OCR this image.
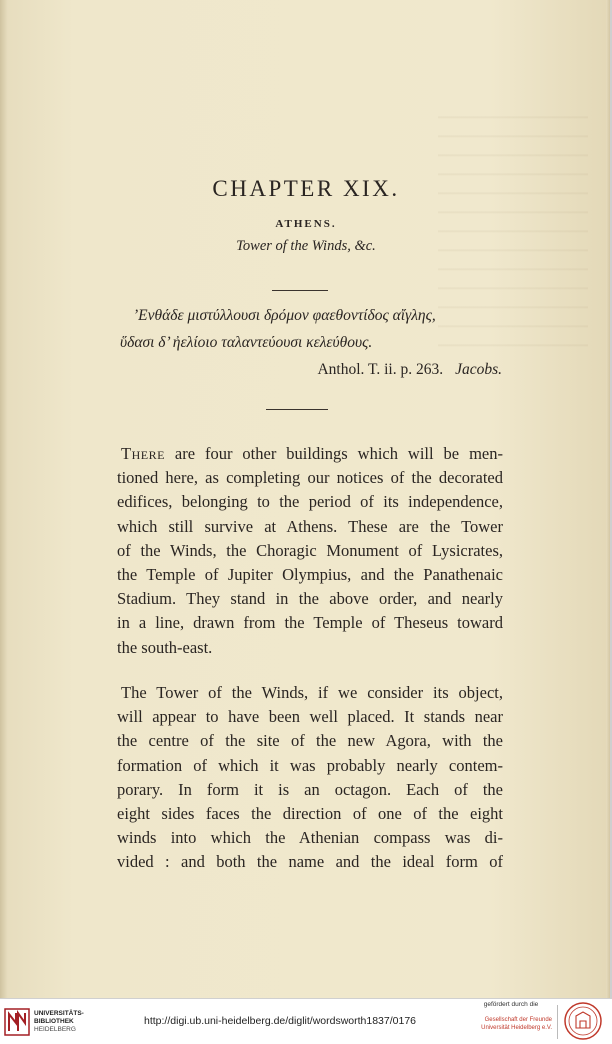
CHAPTER XIX.
ATHENS.
Tower of the Winds, &c.
’Ενθάδε μιστύλλουσι δρόμον φαεθοντίδος αἴγλης,
ὕδασι δ’ ἠελίοιο ταλαντεύουσι κελεύθους.
Anthol. T. ii. p. 263. Jacobs.
There are four other buildings which will be men-
tioned here, as completing our notices of the decorated
edifices, belonging to the period of its independence,
which still survive at Athens. These are the Tower
of the Winds, the Choragic Monument of Lysicrates,
the Temple of Jupiter Olympius, and the Panathenaic
Stadium. They stand in the above order, and nearly
in a line, drawn from the Temple of Theseus toward
the south-east.
The Tower of the Winds, if we consider its object,
will appear to have been well placed. It stands near
the centre of the site of the new Agora, with the
formation of which it was probably nearly contem-
porary. In form it is an octagon. Each of the
eight sides faces the direction of one of the eight
winds into which the Athenian compass was di-
vided : and both the name and the ideal form of
UNIVERSITÄTS-
BIBLIOTHEK
HEIDELBERG
http://digi.ub.uni-heidelberg.de/diglit/wordsworth1837/0176
gefördert durch die
Gesellschaft der Freunde
Universität Heidelberg e.V.
